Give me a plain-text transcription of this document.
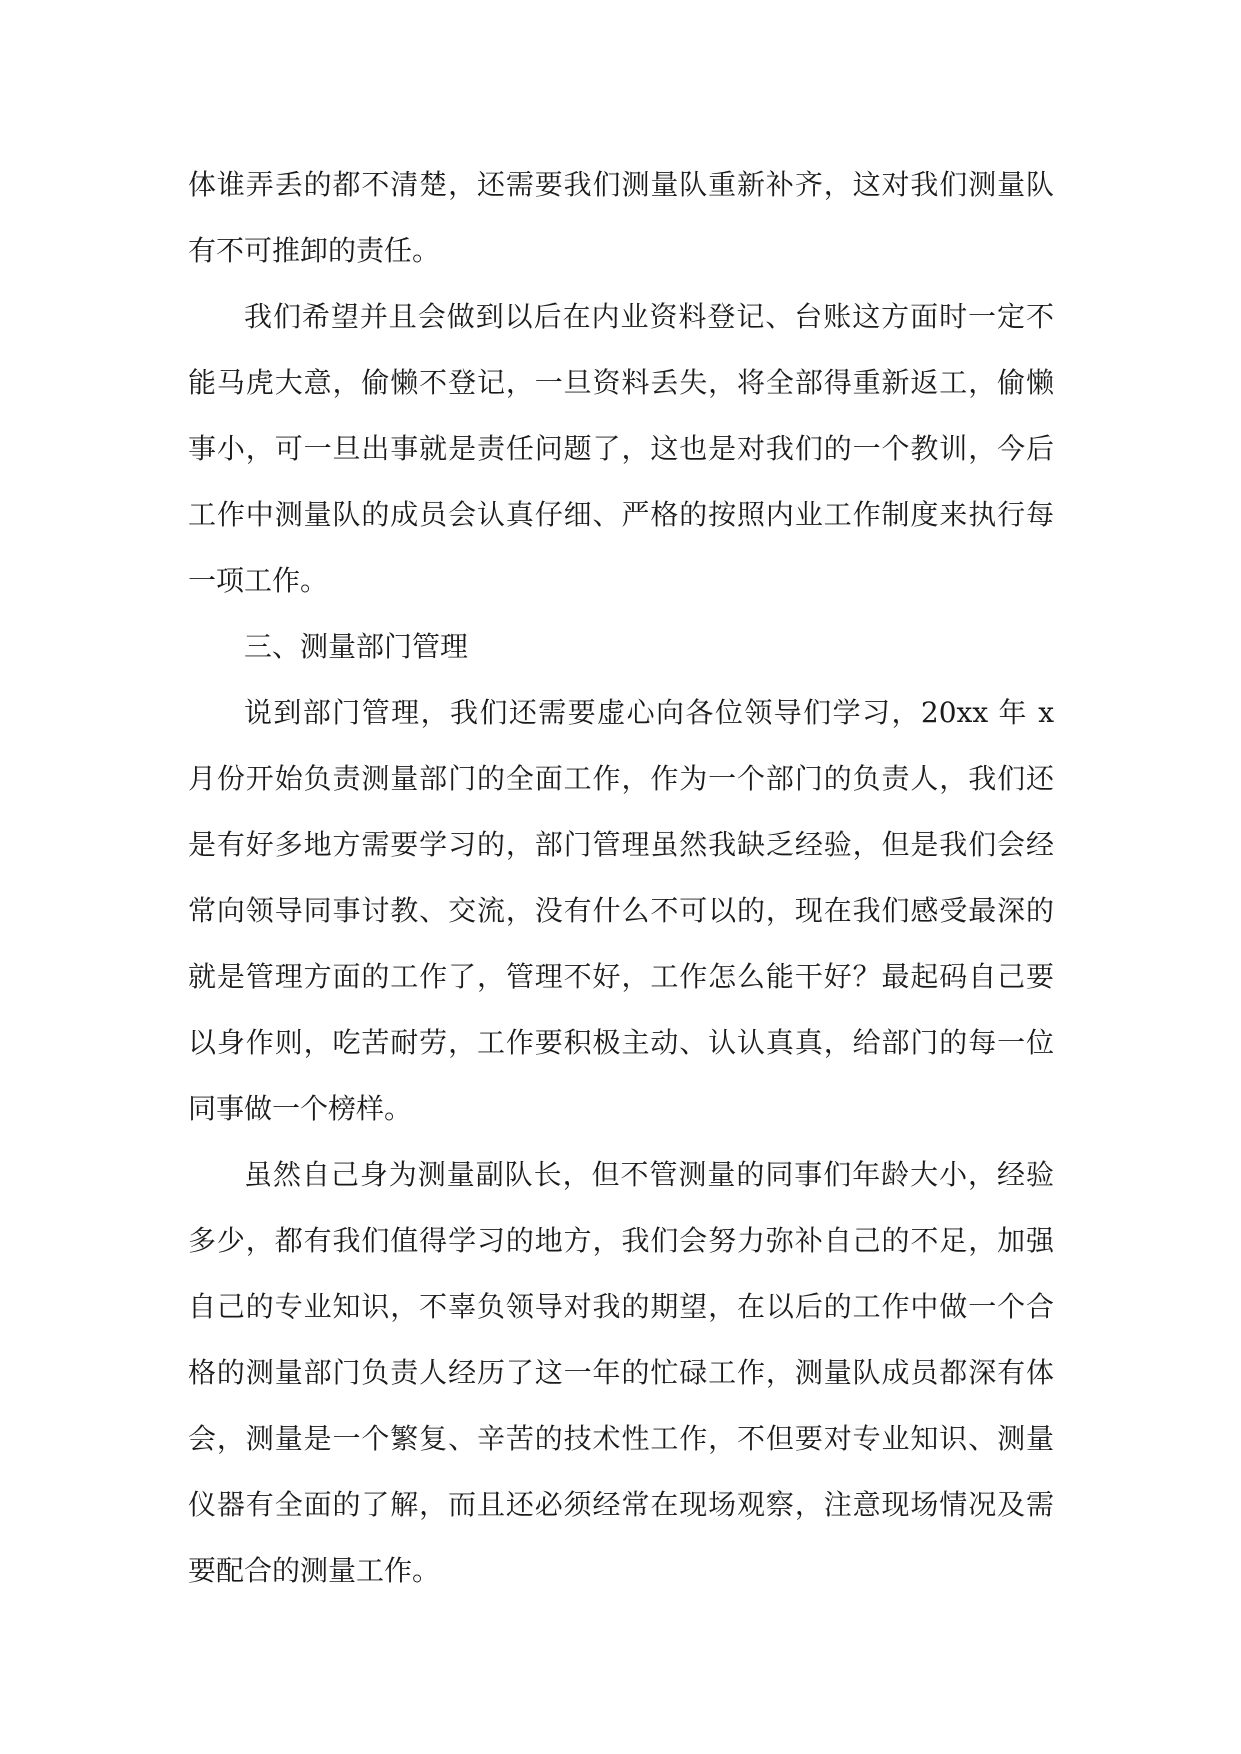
体谁弄丢的都不清楚，还需要我们测量队重新补齐，这对我们测量队
有不可推卸的责任。
我们希望并且会做到以后在内业资料登记、台账这方面时一定不
能马虎大意，偷懒不登记，一旦资料丢失，将全部得重新返工，偷懒
事小，可一旦出事就是责任问题了，这也是对我们的一个教训，今后
工作中测量队的成员会认真仔细、严格的按照内业工作制度来执行每
一项工作。
三、测量部门管理
说到部门管理，我们还需要虚心向各位领导们学习，20xx 年 x
月份开始负责测量部门的全面工作，作为一个部门的负责人，我们还
是有好多地方需要学习的，部门管理虽然我缺乏经验，但是我们会经
常向领导同事讨教、交流，没有什么不可以的，现在我们感受最深的
就是管理方面的工作了，管理不好，工作怎么能干好？最起码自己要
以身作则，吃苦耐劳，工作要积极主动、认认真真，给部门的每一位
同事做一个榜样。
虽然自己身为测量副队长，但不管测量的同事们年龄大小，经验
多少，都有我们值得学习的地方，我们会努力弥补自己的不足，加强
自己的专业知识，不辜负领导对我的期望，在以后的工作中做一个合
格的测量部门负责人经历了这一年的忙碌工作，测量队成员都深有体
会，测量是一个繁复、辛苦的技术性工作，不但要对专业知识、测量
仪器有全面的了解，而且还必须经常在现场观察，注意现场情况及需
要配合的测量工作。
